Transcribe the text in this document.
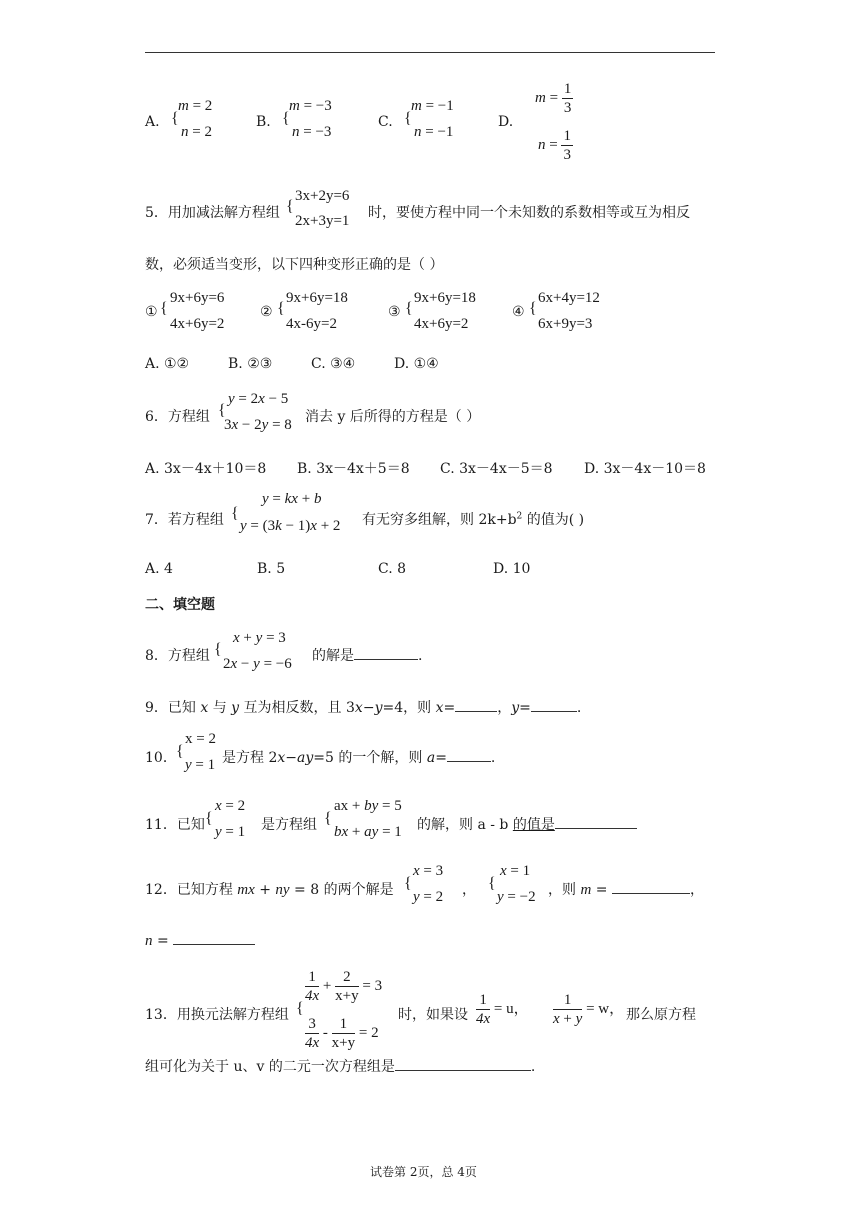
A. {
m = 2
n = 2
B. {
m = −3
n = −3
C. {
m = −1
n = −1
D.
$m = \frac{1}{3}$
$n = \frac{1}{3}$
5．用加减法解方程组 {
3x+2y=6
2x+3y=1 时，要使方程中同一个未知数的系数相等或互为相反
数，必须适当变形，以下四种变形正确的是（ ）
① {
9x+6y=6
4x+6y=2
② {
9x+6y=18
4x-6y=2
③ {
9x+6y=18
4x+6y=2
④ {
6x+4y=12
6x+9y=3
A. ①②	B. ②③	C. ③④	D. ①④
6．方程组 {
y = 2x − 5
3x − 2y = 8 消去 y 后所得的方程是（ ）
A. 3x－4x＋10＝8 B. 3x－4x＋5＝8 C. 3x－4x－5＝8 D. 3x－4x－10＝8
7．若方程组 {
y = kx + b
y = (3k − 1)x + 2 有无穷多组解，则 $2k+b^2$ 的值为( )
A. 4	B. 5	C. 8	D. 10
二、填空题
8．方程组 {
x + y = 3
2x − y = −6 的解是	.
9．已知 x 与 y 互为相反数，且 3x−y=4，则 x=	，y=	.
10． {
x = 2
y = 1 是方程 2x−ay=5 的一个解，则 a=	.
11．已知 {
x = 2
y = 1 是方程组 {
ax + by = 5
bx + ay = 1 的解，则 a - b 的值是
12．已知方程 mx + ny = 8 的两个解是 {
x = 3
y = 2 ， {
x = 1
y = −2 ，则 m =	，
n =
13．用换元法解方程组 {
$\frac{1}{4x} + \frac{2}{x+y} = 3$
$\frac{3}{4x} - \frac{1}{x+y} = 2$
时，如果设 $\frac{1}{4x} = u$， $\frac{1}{x + y} = w$， 那么原方程
组可化为关于 u、v 的二元一次方程组是	.
试卷第 2页，总 4页
